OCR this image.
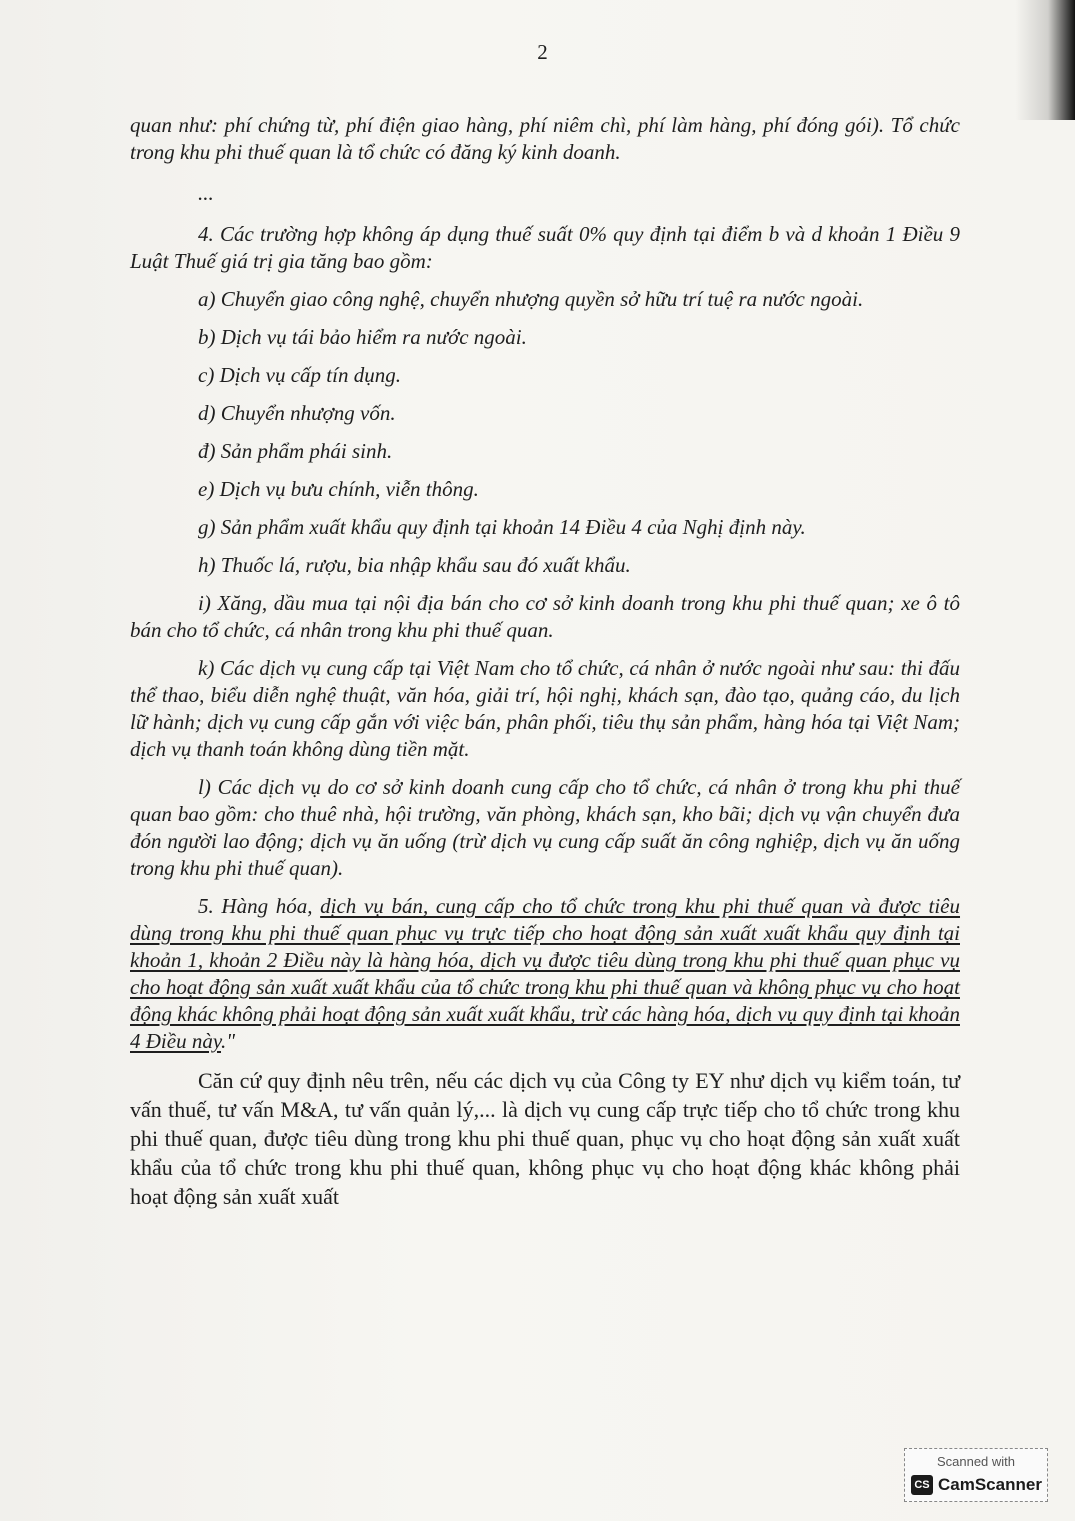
2

quan như: phí chứng từ, phí điện giao hàng, phí niêm chì, phí làm hàng, phí đóng gói). Tổ chức trong khu phi thuế quan là tổ chức có đăng ký kinh doanh.

...

4. Các trường hợp không áp dụng thuế suất 0% quy định tại điểm b và d khoản 1 Điều 9 Luật Thuế giá trị gia tăng bao gồm:

a) Chuyển giao công nghệ, chuyển nhượng quyền sở hữu trí tuệ ra nước ngoài.

b) Dịch vụ tái bảo hiểm ra nước ngoài.

c) Dịch vụ cấp tín dụng.

d) Chuyển nhượng vốn.

đ) Sản phẩm phái sinh.

e) Dịch vụ bưu chính, viễn thông.

g) Sản phẩm xuất khẩu quy định tại khoản 14 Điều 4 của Nghị định này.

h) Thuốc lá, rượu, bia nhập khẩu sau đó xuất khẩu.

i) Xăng, dầu mua tại nội địa bán cho cơ sở kinh doanh trong khu phi thuế quan; xe ô tô bán cho tổ chức, cá nhân trong khu phi thuế quan.

k) Các dịch vụ cung cấp tại Việt Nam cho tổ chức, cá nhân ở nước ngoài như sau: thi đấu thể thao, biểu diễn nghệ thuật, văn hóa, giải trí, hội nghị, khách sạn, đào tạo, quảng cáo, du lịch lữ hành; dịch vụ cung cấp gắn với việc bán, phân phối, tiêu thụ sản phẩm, hàng hóa tại Việt Nam; dịch vụ thanh toán không dùng tiền mặt.

l) Các dịch vụ do cơ sở kinh doanh cung cấp cho tổ chức, cá nhân ở trong khu phi thuế quan bao gồm: cho thuê nhà, hội trường, văn phòng, khách sạn, kho bãi; dịch vụ vận chuyển đưa đón người lao động; dịch vụ ăn uống (trừ dịch vụ cung cấp suất ăn công nghiệp, dịch vụ ăn uống trong khu phi thuế quan).

5. Hàng hóa, dịch vụ bán, cung cấp cho tổ chức trong khu phi thuế quan và được tiêu dùng trong khu phi thuế quan phục vụ trực tiếp cho hoạt động sản xuất xuất khẩu quy định tại khoản 1, khoản 2 Điều này là hàng hóa, dịch vụ được tiêu dùng trong khu phi thuế quan phục vụ cho hoạt động sản xuất xuất khẩu của tổ chức trong khu phi thuế quan và không phục vụ cho hoạt động khác không phải hoạt động sản xuất xuất khẩu, trừ các hàng hóa, dịch vụ quy định tại khoản 4 Điều này."

Căn cứ quy định nêu trên, nếu các dịch vụ của Công ty EY như dịch vụ kiểm toán, tư vấn thuế, tư vấn M&A, tư vấn quản lý,... là dịch vụ cung cấp trực tiếp cho tổ chức trong khu phi thuế quan, được tiêu dùng trong khu phi thuế quan, phục vụ cho hoạt động sản xuất xuất khẩu của tổ chức trong khu phi thuế quan, không phục vụ cho hoạt động khác không phải hoạt động sản xuất xuất

Scanned with
CS CamScanner
